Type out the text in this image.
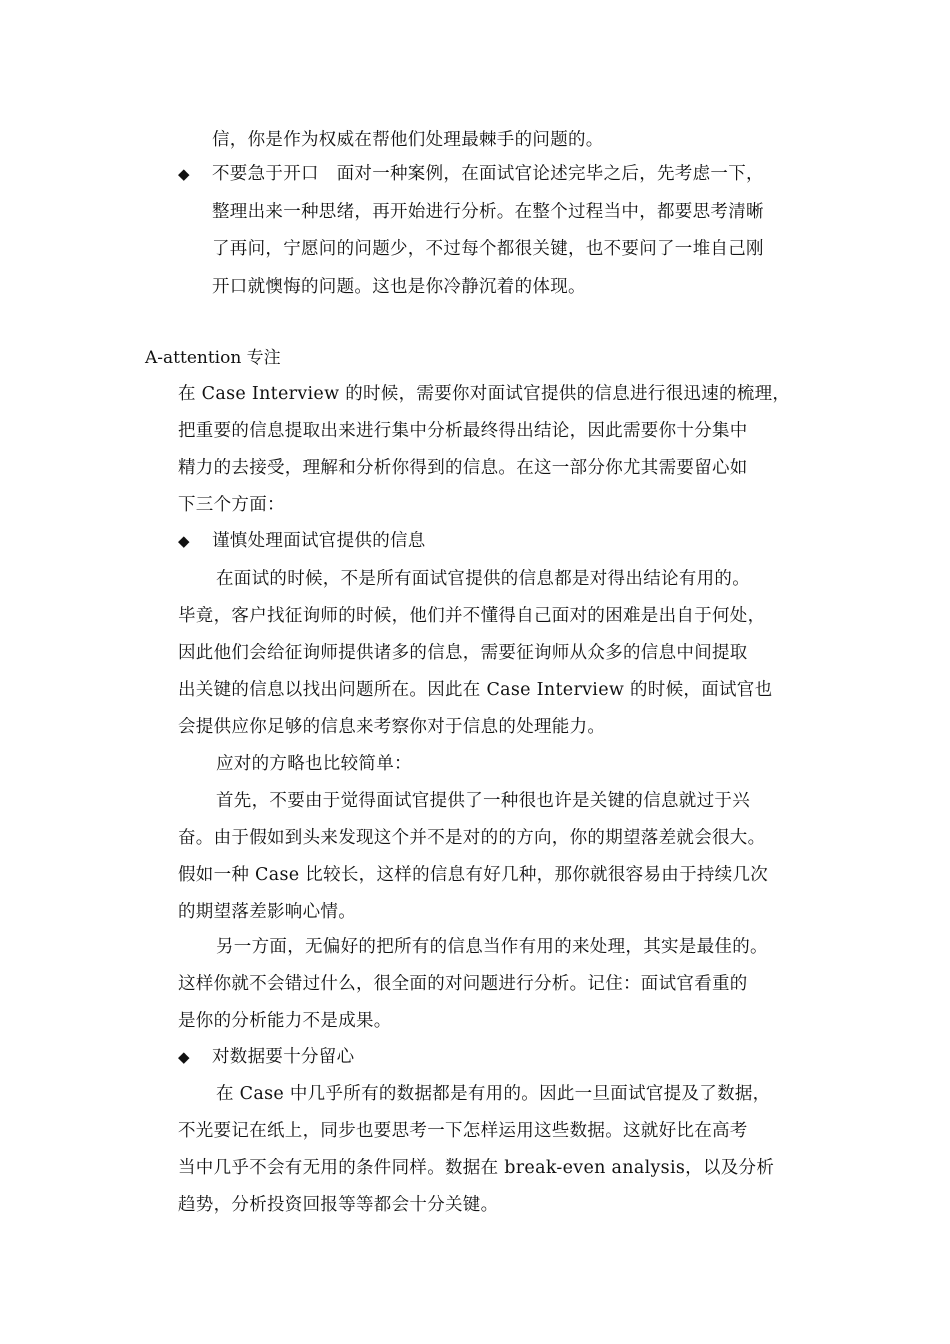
信，你是作为权威在帮他们处理最棘手的问题的。
◆ 不要急于开口　面对一种案例，在面试官论述完毕之后，先考虑一下，
整理出来一种思绪，再开始进行分析。在整个过程当中，都要思考清晰
了再问，宁愿问的问题少，不过每个都很关键，也不要问了一堆自己刚
开口就懊悔的问题。这也是你冷静沉着的体现。
A-attention 专注
在 Case Interview 的时候，需要你对面试官提供的信息进行很迅速的梳理，
把重要的信息提取出来进行集中分析最终得出结论，因此需要你十分集中
精力的去接受，理解和分析你得到的信息。在这一部分你尤其需要留心如
下三个方面：
◆ 谨慎处理面试官提供的信息
在面试的时候，不是所有面试官提供的信息都是对得出结论有用的。
毕竟，客户找征询师的时候，他们并不懂得自己面对的困难是出自于何处，
因此他们会给征询师提供诸多的信息，需要征询师从众多的信息中间提取
出关键的信息以找出问题所在。因此在 Case Interview 的时候，面试官也
会提供应你足够的信息来考察你对于信息的处理能力。
应对的方略也比较简单：
首先，不要由于觉得面试官提供了一种很也许是关键的信息就过于兴
奋。由于假如到头来发现这个并不是对的的方向，你的期望落差就会很大。
假如一种 Case 比较长，这样的信息有好几种，那你就很容易由于持续几次
的期望落差影响心情。
另一方面，无偏好的把所有的信息当作有用的来处理，其实是最佳的。
这样你就不会错过什么，很全面的对问题进行分析。记住：面试官看重的
是你的分析能力不是成果。
◆ 对数据要十分留心
在 Case 中几乎所有的数据都是有用的。因此一旦面试官提及了数据，
不光要记在纸上，同步也要思考一下怎样运用这些数据。这就好比在高考
当中几乎不会有无用的条件同样。数据在 break-even analysis，以及分析
趋势，分析投资回报等等都会十分关键。
